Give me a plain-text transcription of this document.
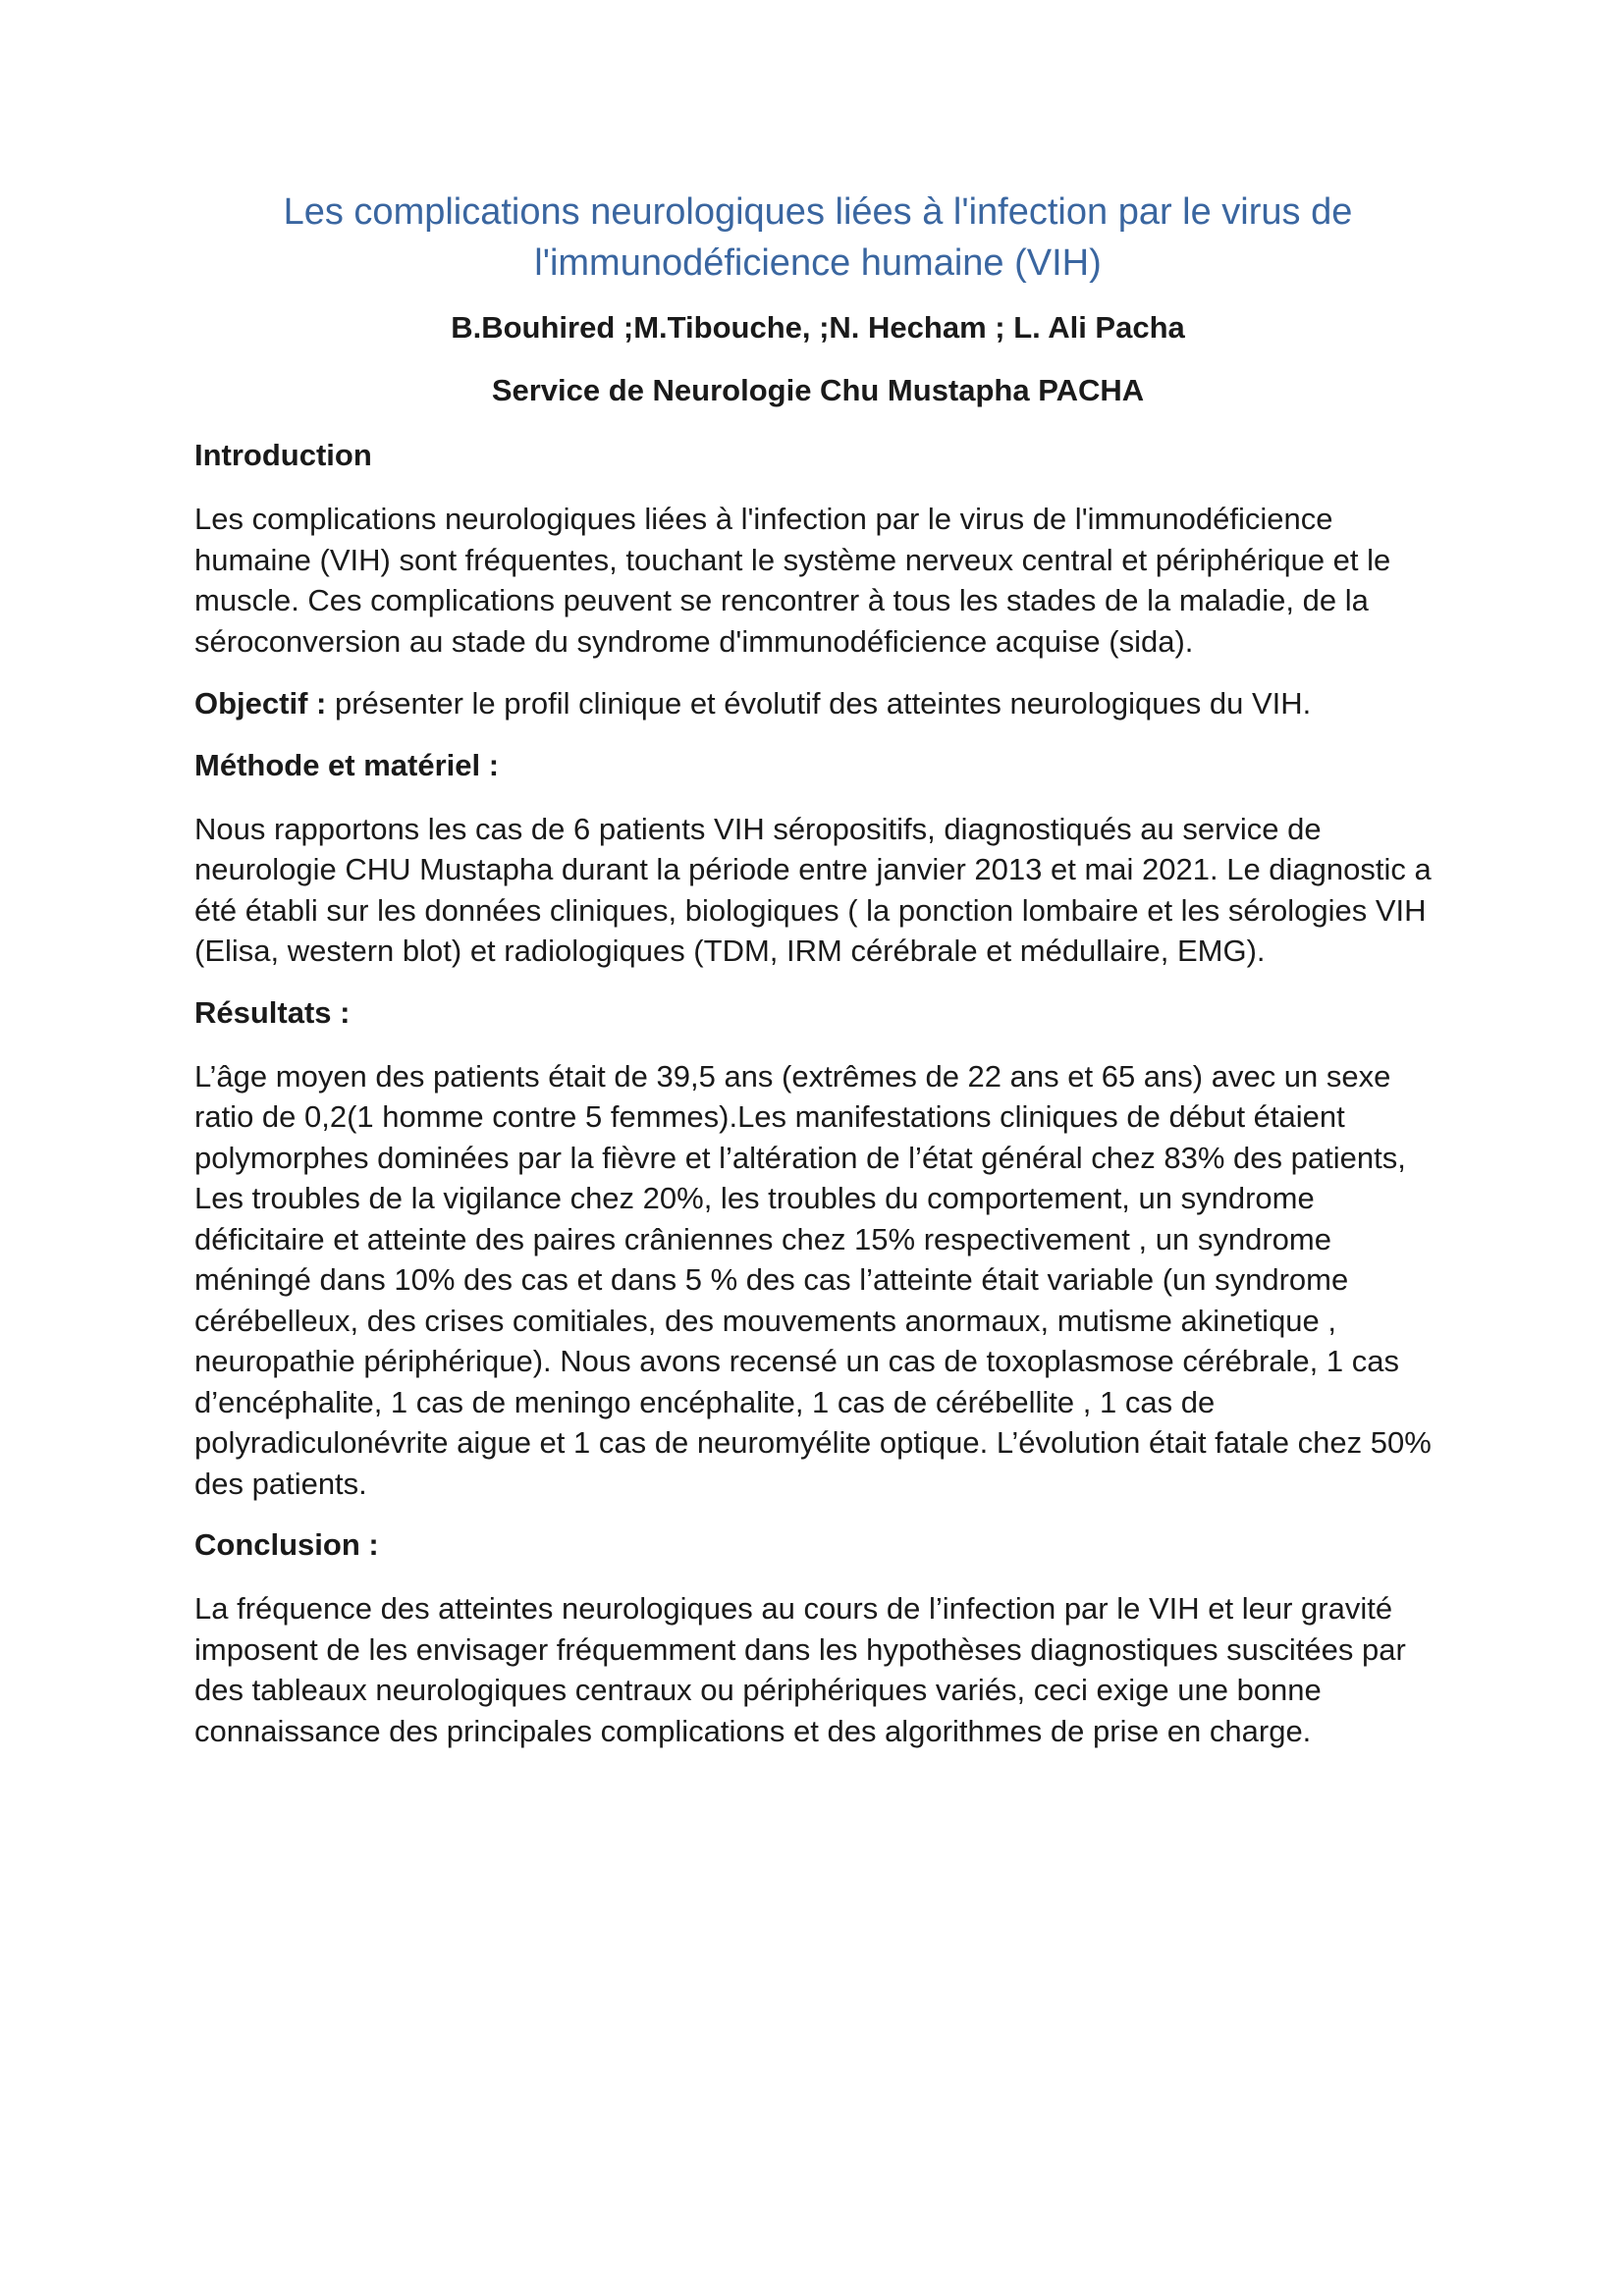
Les complications neurologiques liées à l'infection par le virus de l'immunodéficience humaine (VIH)
B.Bouhired ;M.Tibouche, ;N. Hecham ; L. Ali Pacha
Service de Neurologie Chu Mustapha PACHA
Introduction

Les complications neurologiques liées à l'infection par le virus de l'immunodéficience humaine (VIH) sont fréquentes, touchant le système nerveux central et périphérique et le muscle. Ces complications peuvent se rencontrer à tous les stades de la maladie, de la séroconversion au stade du syndrome d'immunodéficience acquise (sida).

Objectif : présenter le profil clinique et évolutif des atteintes neurologiques du VIH.

Méthode et matériel :

Nous rapportons les cas de 6 patients VIH séropositifs, diagnostiqués au service de neurologie CHU Mustapha durant la période entre janvier 2013 et mai 2021. Le diagnostic a été établi sur les données cliniques, biologiques ( la ponction lombaire et les sérologies VIH (Elisa, western blot) et radiologiques (TDM, IRM cérébrale et médullaire, EMG).

Résultats :

L’âge moyen des patients était de 39,5 ans (extrêmes de 22 ans et 65 ans) avec un sexe ratio de 0,2(1 homme contre 5 femmes).Les manifestations cliniques de début étaient polymorphes dominées par la fièvre et l’altération de l’état général chez 83% des patients, Les troubles de la vigilance chez 20%, les troubles du comportement, un syndrome déficitaire et atteinte des paires crâniennes chez 15% respectivement , un syndrome méningé dans 10% des cas et dans 5 % des cas l’atteinte était variable (un syndrome cérébelleux, des crises comitiales, des mouvements anormaux, mutisme akinetique , neuropathie périphérique). Nous avons recensé un cas de toxoplasmose cérébrale, 1 cas d’encéphalite, 1 cas de meningo encéphalite, 1 cas de cérébellite , 1 cas de polyradiculonévrite aigue et 1 cas de neuromyélite optique. L’évolution était fatale chez 50% des patients.

Conclusion :

La fréquence des atteintes neurologiques au cours de l’infection par le VIH et leur gravité imposent de les envisager fréquemment dans les hypothèses diagnostiques suscitées par des tableaux neurologiques centraux ou périphériques variés, ceci exige une bonne connaissance des principales complications et des algorithmes de prise en charge.
